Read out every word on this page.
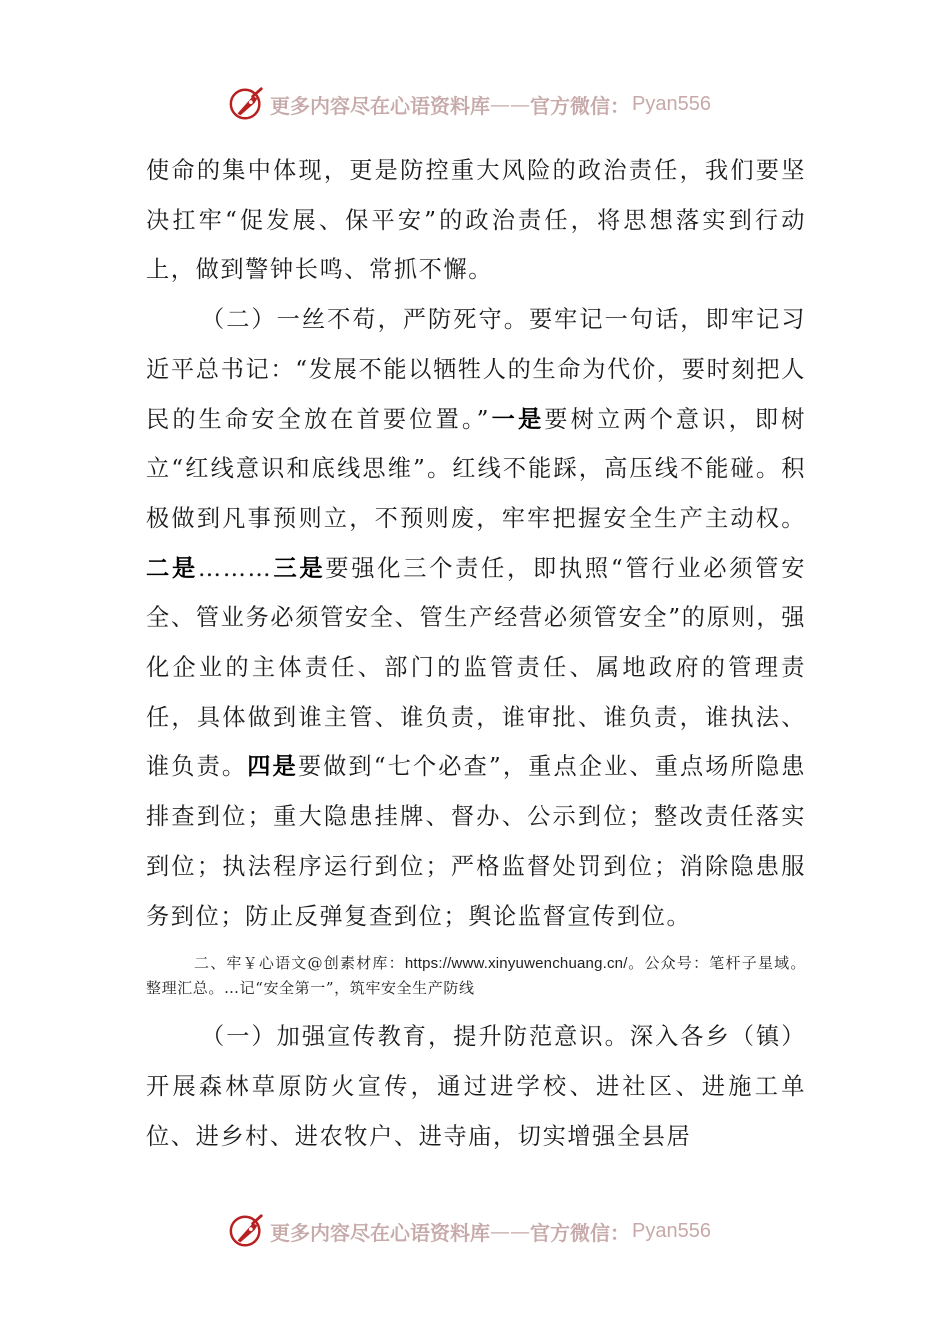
更多内容尽在心语资料库 —— 官方微信： Pyan556

使命的集中体现，更是防控重大风险的政治责任，我们要坚决扛牢“促发展、保平安”的政治责任，将思想落实到行动上，做到警钟长鸣、常抓不懈。

（二）一丝不苟，严防死守。要牢记一句话，即牢记习近平总书记：“发展不能以牺牲人的生命为代价，要时刻把人民的生命安全放在首要位置。”一是要树立两个意识，即树立“红线意识和底线思维”。红线不能踩，高压线不能碰。积极做到凡事预则立，不预则废，牢牢把握安全生产主动权。二是………三是要强化三个责任，即执照“管行业必须管安全、管业务必须管安全、管生产经营必须管安全”的原则，强化企业的主体责任、部门的监管责任、属地政府的管理责任，具体做到谁主管、谁负责，谁审批、谁负责，谁执法、谁负责。四是要做到“七个必查”，重点企业、重点场所隐患排查到位；重大隐患挂牌、督办、公示到位；整改责任落实到位；执法程序运行到位；严格监督处罚到位；消除隐患服务到位；防止反弹复查到位；舆论监督宣传到位。

二、牢￥心语文@创素材库：https://www.xinyuwenchuang.cn/。公众号：笔杆子星域。整理汇总。…记“安全第一”，筑牢安全生产防线

（一）加强宣传教育，提升防范意识。深入各乡（镇）开展森林草原防火宣传，通过进学校、进社区、进施工单位、进乡村、进农牧户、进寺庙，切实增强全县居

更多内容尽在心语资料库 —— 官方微信： Pyan556
